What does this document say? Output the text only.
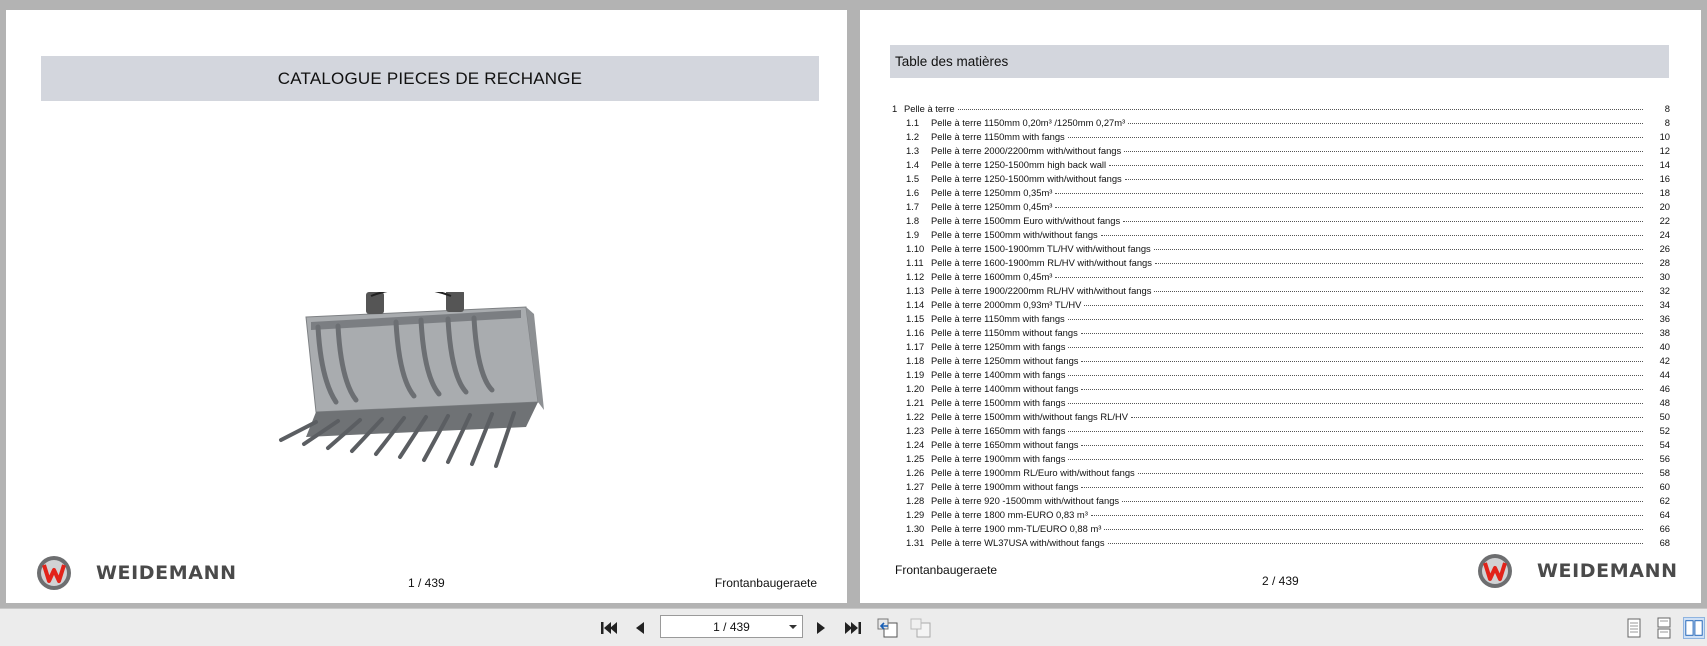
CATALOGUE PIECES DE RECHANGE
WEIDEMANN	1 / 439	Frontanbaugeraete
Table des matières
1 Pelle à terre	8
1.1	Pelle à terre 1150mm 0,20m³ /1250mm 0,27m³	8
1.2	Pelle à terre 1150mm with fangs	10
1.3	Pelle à terre 2000/2200mm with/without fangs	12
1.4	Pelle à terre 1250-1500mm high back wall	14
1.5	Pelle à terre 1250-1500mm with/without fangs	16
1.6	Pelle à terre 1250mm 0,35m³	18
1.7	Pelle à terre 1250mm 0,45m³	20
1.8	Pelle à terre 1500mm Euro with/without fangs	22
1.9	Pelle à terre 1500mm with/without fangs	24
1.10 Pelle à terre 1500-1900mm TL/HV with/without fangs	26
1.11 Pelle à terre 1600-1900mm RL/HV with/without fangs	28
1.12 Pelle à terre 1600mm 0,45m³	30
1.13 Pelle à terre 1900/2200mm RL/HV with/without fangs	32
1.14 Pelle à terre 2000mm 0,93m³ TL/HV	34
1.15 Pelle à terre 1150mm with fangs	36
1.16 Pelle à terre 1150mm without fangs	38
1.17 Pelle à terre 1250mm with fangs	40
1.18 Pelle à terre 1250mm without fangs	42
1.19 Pelle à terre 1400mm with fangs	44
1.20 Pelle à terre 1400mm without fangs	46
1.21 Pelle à terre 1500mm with fangs	48
1.22 Pelle à terre 1500mm with/without fangs RL/HV	50
1.23 Pelle à terre 1650mm with fangs	52
1.24 Pelle à terre 1650mm without fangs	54
1.25 Pelle à terre 1900mm with fangs	56
1.26 Pelle à terre 1900mm RL/Euro with/without fangs	58
1.27 Pelle à terre 1900mm without fangs	60
1.28 Pelle à terre 920 -1500mm with/without fangs	62
1.29 Pelle à terre 1800 mm-EURO 0,83 m³	64
1.30 Pelle à terre 1900 mm-TL/EURO 0,88 m³	66
1.31 Pelle à terre WL37USA with/without fangs	68
Frontanbaugeraete
2 / 439	WEIDEMANN
1 / 439
